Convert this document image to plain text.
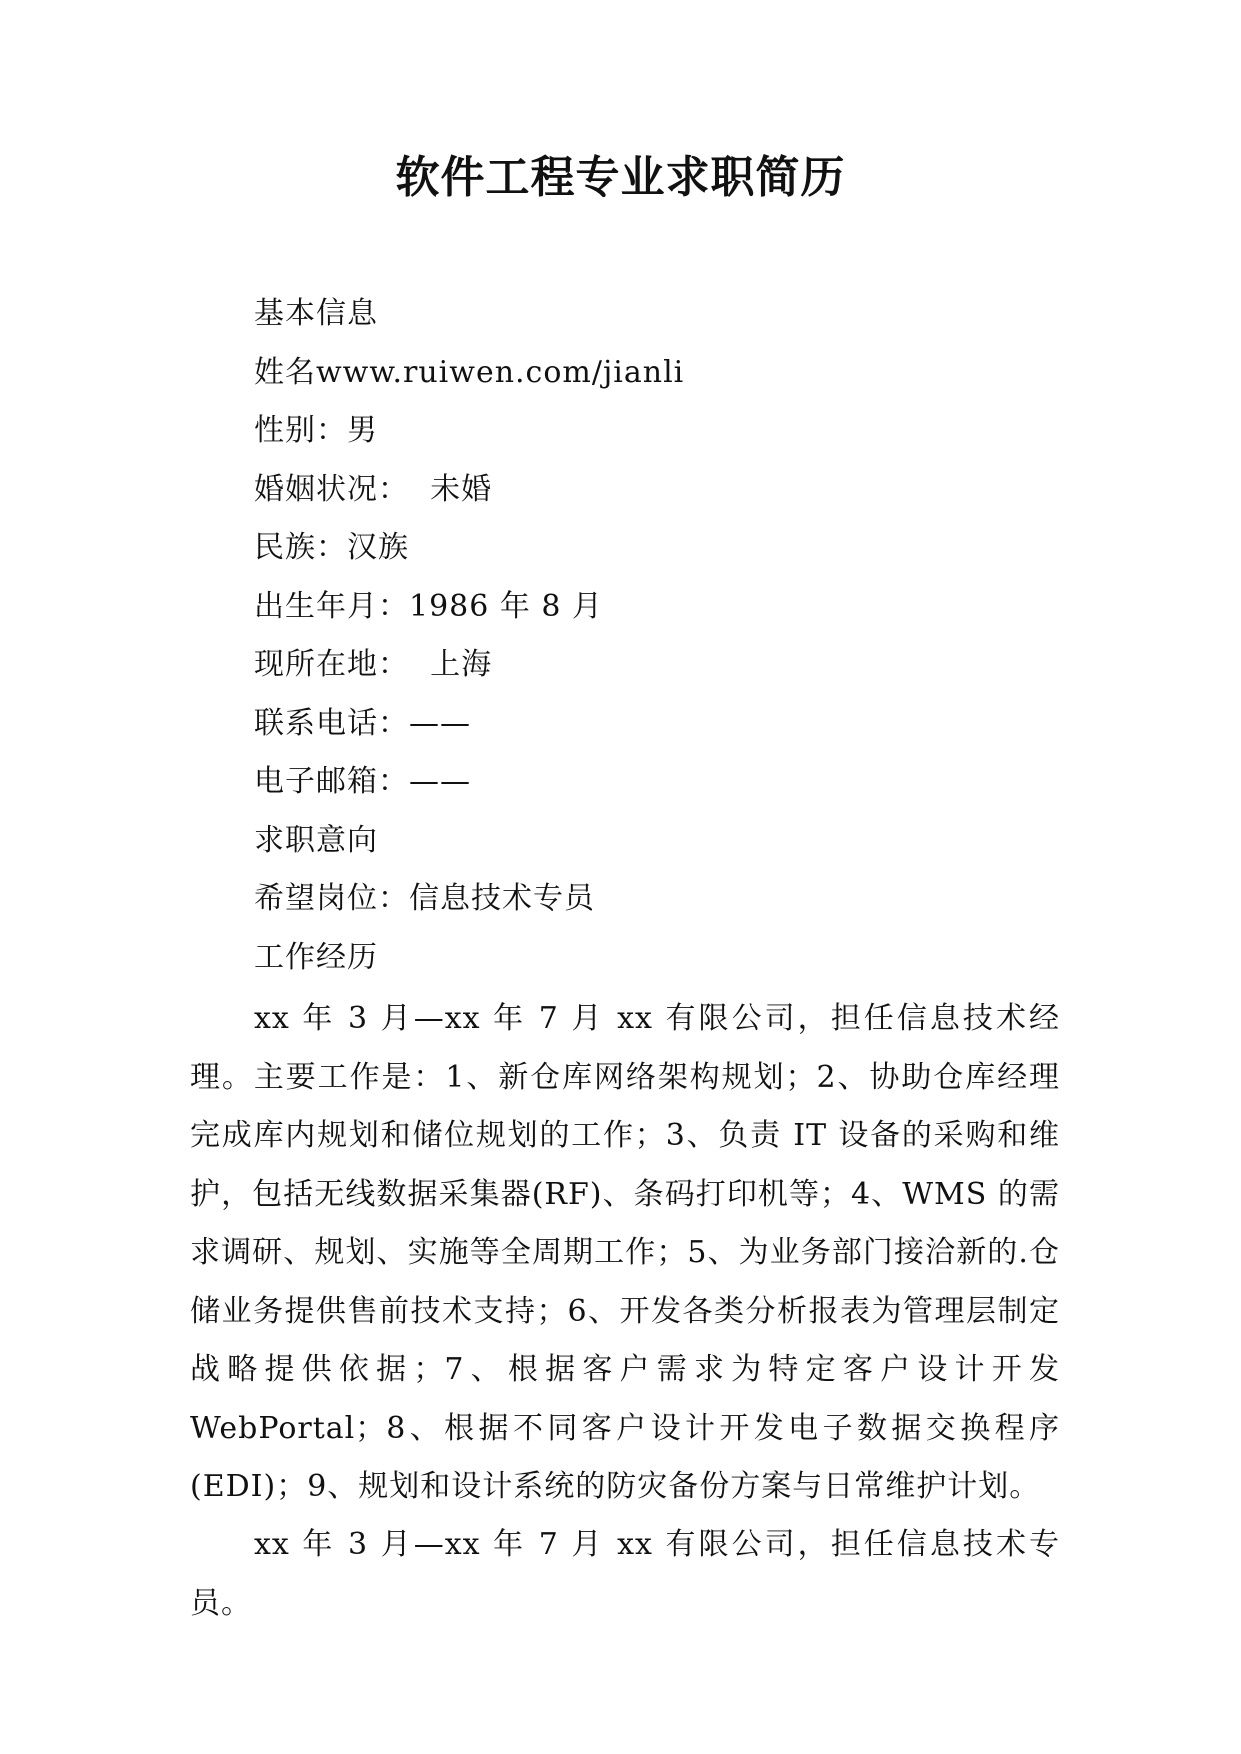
软件工程专业求职简历
基本信息
姓名www.ruiwen.com/jianli
性别：男
婚姻状况：  未婚
民族：汉族
出生年月：1986 年 8 月
现所在地：  上海
联系电话：——
电子邮箱：——
求职意向
希望岗位：信息技术专员
工作经历

xx 年 3 月—xx 年 7 月 xx 有限公司，担任信息技术经理。主要工作是：1、新仓库网络架构规划；2、协助仓库经理完成库内规划和储位规划的工作；3、负责 IT 设备的采购和维护，包括无线数据采集器(RF)、条码打印机等；4、WMS 的需求调研、规划、实施等全周期工作；5、为业务部门接洽新的.仓储业务提供售前技术支持；6、开发各类分析报表为管理层制定战略提供依据；7、根据客户需求为特定客户设计开发 WebPortal；8、根据不同客户设计开发电子数据交换程序(EDI)；9、规划和设计系统的防灾备份方案与日常维护计划。

xx 年 3 月—xx 年 7 月 xx 有限公司，担任信息技术专员。
